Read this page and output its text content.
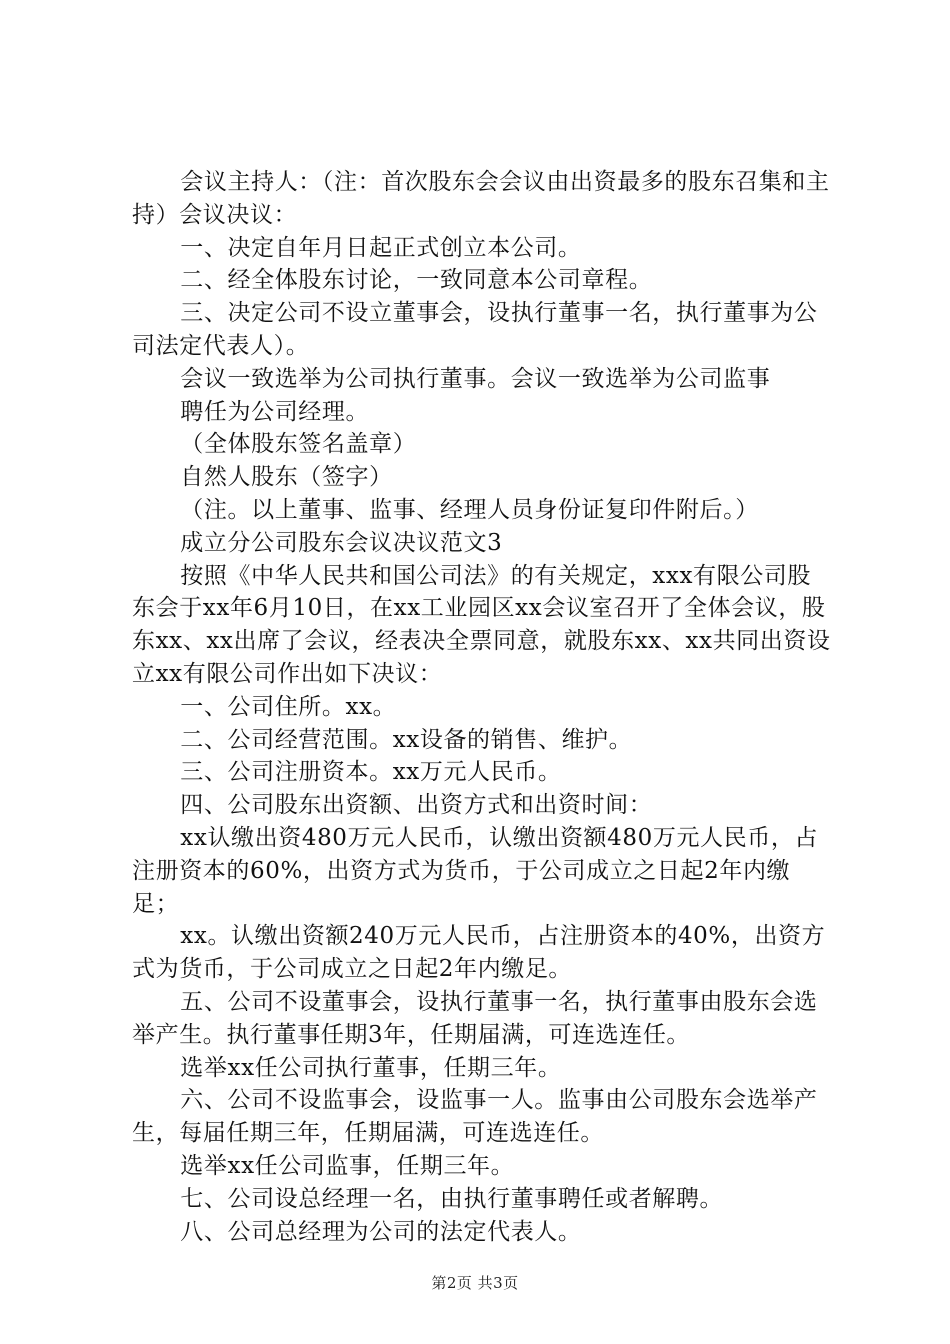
会议主持人：（注：首次股东会会议由出资最多的股东召集和主持）会议决议：

一、决定自年月日起正式创立本公司。

二、经全体股东讨论，一致同意本公司章程。

三、决定公司不设立董事会，设执行董事一名，执行董事为公司法定代表人）。

会议一致选举为公司执行董事。会议一致选举为公司监事

聘任为公司经理。

（全体股东签名盖章）

自然人股东（签字）

（注。以上董事、监事、经理人员身份证复印件附后。）

成立分公司股东会议决议范文3

按照《中华人民共和国公司法》的有关规定，xxx有限公司股东会于xx年6月10日，在xx工业园区xx会议室召开了全体会议，股东xx、xx出席了会议，经表决全票同意，就股东xx、xx共同出资设立xx有限公司作出如下决议：

一、公司住所。xx。

二、公司经营范围。xx设备的销售、维护。

三、公司注册资本。xx万元人民币。

四、公司股东出资额、出资方式和出资时间：

xx认缴出资480万元人民币，认缴出资额480万元人民币，占注册资本的60%，出资方式为货币，于公司成立之日起2年内缴足；

xx。认缴出资额240万元人民币，占注册资本的40%，出资方式为货币，于公司成立之日起2年内缴足。

五、公司不设董事会，设执行董事一名，执行董事由股东会选举产生。执行董事任期3年，任期届满，可连选连任。

选举xx任公司执行董事，任期三年。

六、公司不设监事会，设监事一人。监事由公司股东会选举产生，每届任期三年，任期届满，可连选连任。

选举xx任公司监事，任期三年。

七、公司设总经理一名，由执行董事聘任或者解聘。

八、公司总经理为公司的法定代表人。

第2页 共3页
